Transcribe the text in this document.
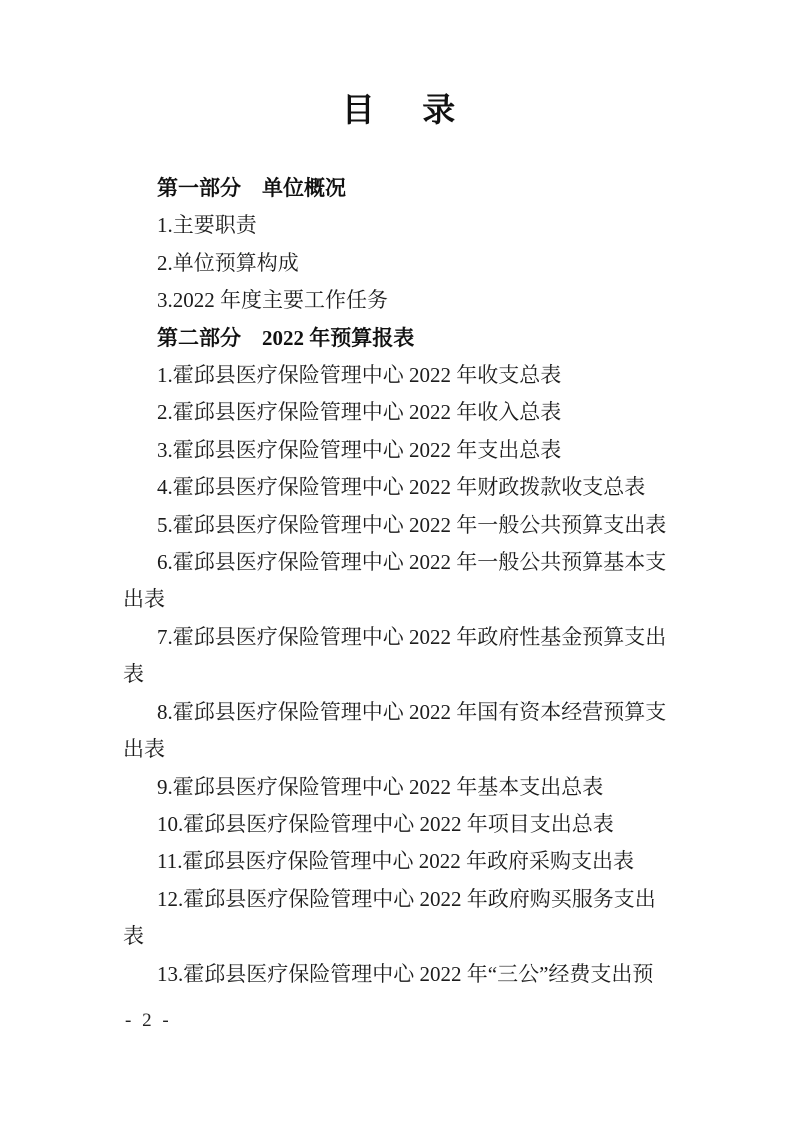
目  录

第一部分 单位概况

1.主要职责

2.单位预算构成

3.2022 年度主要工作任务

第二部分 2022 年预算报表

1.霍邱县医疗保险管理中心 2022 年收支总表

2.霍邱县医疗保险管理中心 2022 年收入总表

3.霍邱县医疗保险管理中心 2022 年支出总表

4.霍邱县医疗保险管理中心 2022 年财政拨款收支总表

5.霍邱县医疗保险管理中心 2022 年一般公共预算支出表

6.霍邱县医疗保险管理中心 2022 年一般公共预算基本支出表

7.霍邱县医疗保险管理中心 2022 年政府性基金预算支出表

8.霍邱县医疗保险管理中心 2022 年国有资本经营预算支出表

9.霍邱县医疗保险管理中心 2022 年基本支出总表

10.霍邱县医疗保险管理中心 2022 年项目支出总表

11.霍邱县医疗保险管理中心 2022 年政府采购支出表

12.霍邱县医疗保险管理中心 2022 年政府购买服务支出表

13.霍邱县医疗保险管理中心 2022 年“三公”经费支出预

- 2 -
